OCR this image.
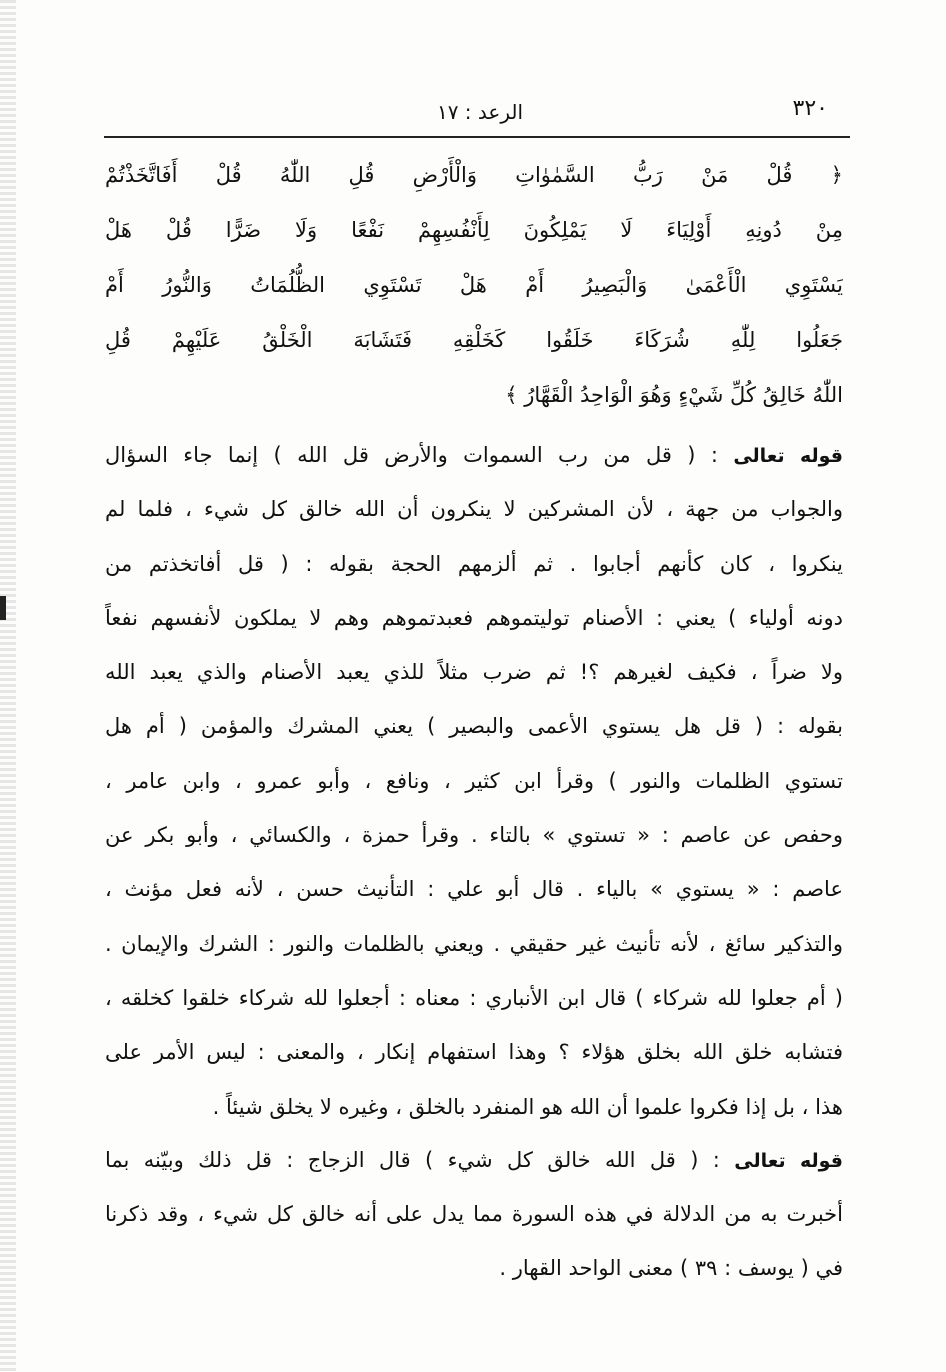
٣٢٠
الرعد : ١٧
﴿ قُلْ مَنْ رَبُّ السَّمٰوٰاتِ وَالْأَرْضِ قُلِ اللّٰهُ قُلْ أَفَاتَّخَذْتُمْ
مِنْ دُونِهِ أَوْلِيَاءَ لَا يَمْلِكُونَ لِأَنْفُسِهِمْ نَفْعًا وَلَا ضَرًّا قُلْ هَلْ
يَسْتَوِي الْأَعْمَىٰ وَالْبَصِيرُ أَمْ هَلْ تَسْتَوِي الظُّلُمَاتُ وَالنُّورُ أَمْ
جَعَلُوا لِلّٰهِ شُرَكَاءَ خَلَقُوا كَخَلْقِهِ فَتَشَابَهَ الْخَلْقُ عَلَيْهِمْ قُلِ
اللّٰهُ خَالِقُ كُلِّ شَيْءٍ وَهُوَ الْوَاحِدُ الْقَهَّارُ ﴾
قوله تعالى : ( قل من رب السموات والأرض قل الله ) إنما جاء السؤال
والجواب من جهة ، لأن المشركين لا ينكرون أن الله خالق كل شيء ، فلما لم
ينكروا ، كان كأنهم أجابوا . ثم ألزمهم الحجة بقوله : ( قل أفاتخذتم من
دونه أولياء ) يعني : الأصنام توليتموهم فعبدتموهم وهم لا يملكون لأنفسهم نفعاً
ولا ضراً ، فكيف لغيرهم ؟! ثم ضرب مثلاً للذي يعبد الأصنام والذي يعبد الله
بقوله : ( قل هل يستوي الأعمى والبصير ) يعني المشرك والمؤمن ( أم هل
تستوي الظلمات والنور ) وقرأ ابن كثير ، ونافع ، وأبو عمرو ، وابن عامر ،
وحفص عن عاصم : « تستوي » بالتاء . وقرأ حمزة ، والكسائي ، وأبو بكر عن
عاصم : « يستوي » بالياء . قال أبو علي : التأنيث حسن ، لأنه فعل مؤنث ،
والتذكير سائغ ، لأنه تأنيث غير حقيقي . ويعني بالظلمات والنور : الشرك والإيمان .
( أم جعلوا لله شركاء ) قال ابن الأنباري : معناه : أجعلوا لله شركاء خلقوا كخلقه ،
فتشابه خلق الله بخلق هؤلاء ؟ وهذا استفهام إنكار ، والمعنى : ليس الأمر على
هذا ، بل إذا فكروا علموا أن الله هو المنفرد بالخلق ، وغيره لا يخلق شيئاً .
قوله تعالى : ( قل الله خالق كل شيء ) قال الزجاج : قل ذلك وبيّنه بما
أخبرت به من الدلالة في هذه السورة مما يدل على أنه خالق كل شيء ، وقد ذكرنا
في ( يوسف : ٣٩ ) معنى الواحد القهار .
